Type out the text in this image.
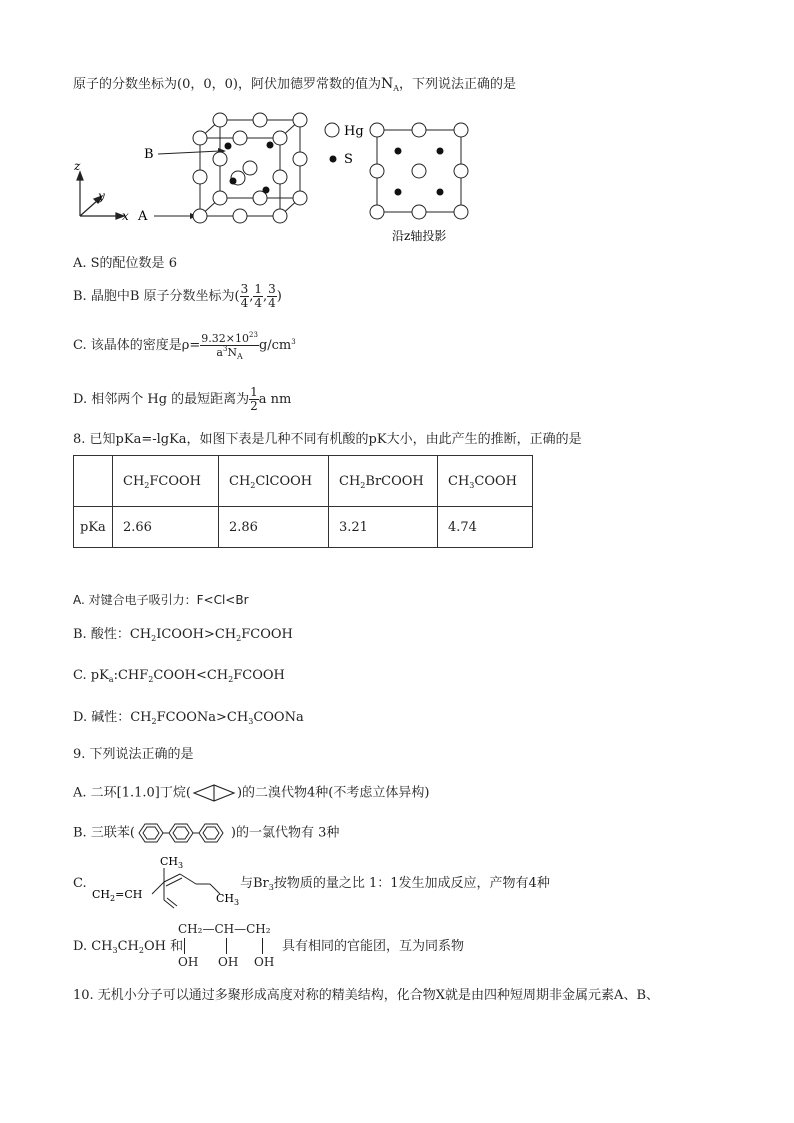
原子的分数坐标为(0，0，0)，阿伏加德罗常数的值为$N_A$，下列说法正确的是
z
y
x
B
A
Hg
S
沿z轴投影
A. S的配位数是 6
B. 晶胞中B 原子分数坐标为( $\frac{3}{4}$ , $\frac{1}{4}$ , $\frac{3}{4}$ )
C. 该晶体的密度是$\rho= \frac{9.32\times 10^{23}}{a^3N_A} g/cm^3$
D. 相邻两个 Hg 的最短距离为 $\frac{1}{2}$ a nm
8. 已知pKa=-lgKa，如图下表是几种不同有机酸的pK大小，由此产生的推断，正确的是
	$CH_2FCOOH$	$CH_2ClCOOH$	$CH_2BrCOOH$	$CH_3COOH$
pKa	2.66	2.86	3.21	4.74
A. 对键合电子吸引力：F<Cl<Br
B. 酸性：$CH_2ICOOH>CH_2FCOOH$
C. $pK_a:CHF_2COOH<CH_2FCOOH$
D. 碱性：$CH_2FCOONa>CH_3COONa$
9. 下列说法正确的是
A. 二环[1.1.0]丁烷(	)的二溴代物4种(不考虑立体异构)
B. 三联苯(	)的一氯代物有 3种
C.
$CH_3$
$CH_2=CH$	$CH_3$
与$Br_3$按物质的量之比 1：1发生加成反应，产物有4种
D. $CH_3CH_2OH$ 和
CH₂—CH—CH₂
OH OH OH
具有相同的官能团，互为同系物
10. 无机小分子可以通过多聚形成高度对称的精美结构，化合物X就是由四种短周期非金属元素A、B、
